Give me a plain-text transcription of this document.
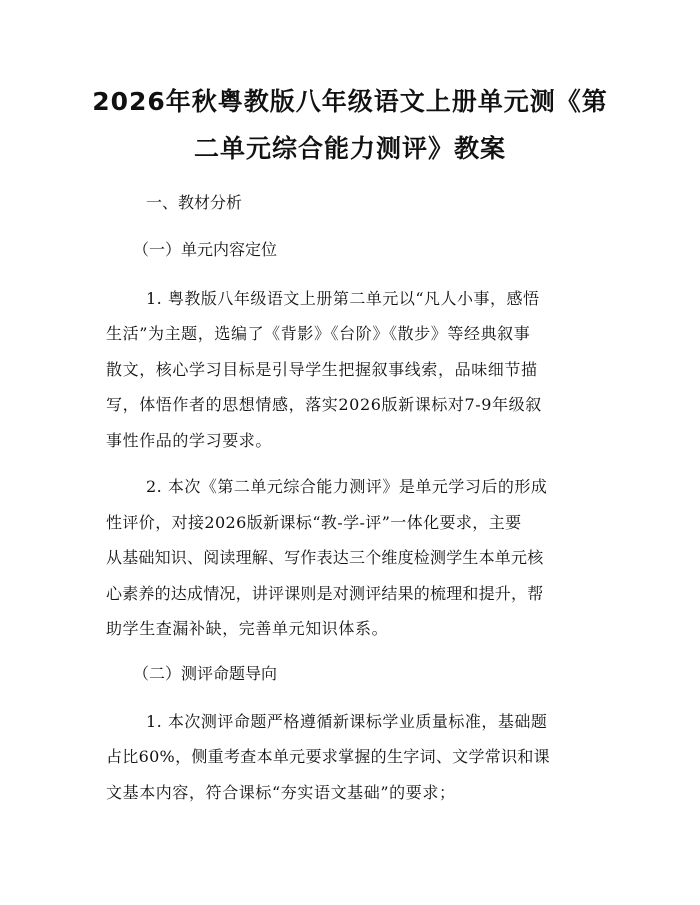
2026年秋粤教版八年级语文上册单元测《第
二单元综合能力测评》教案
一、教材分析
（一）单元内容定位
1. 粤教版八年级语文上册第二单元以“凡人小事，感悟
生活”为主题，选编了《背影》《台阶》《散步》等经典叙事
散文，核心学习目标是引导学生把握叙事线索，品味细节描
写，体悟作者的思想情感，落实2026版新课标对7-9年级叙
事性作品的学习要求。
2. 本次《第二单元综合能力测评》是单元学习后的形成
性评价，对接2026版新课标“教-学-评”一体化要求，主要
从基础知识、阅读理解、写作表达三个维度检测学生本单元核
心素养的达成情况，讲评课则是对测评结果的梳理和提升，帮
助学生查漏补缺，完善单元知识体系。
（二）测评命题导向
1. 本次测评命题严格遵循新课标学业质量标准，基础题
占比60%，侧重考查本单元要求掌握的生字词、文学常识和课
文基本内容，符合课标“夯实语文基础”的要求；
